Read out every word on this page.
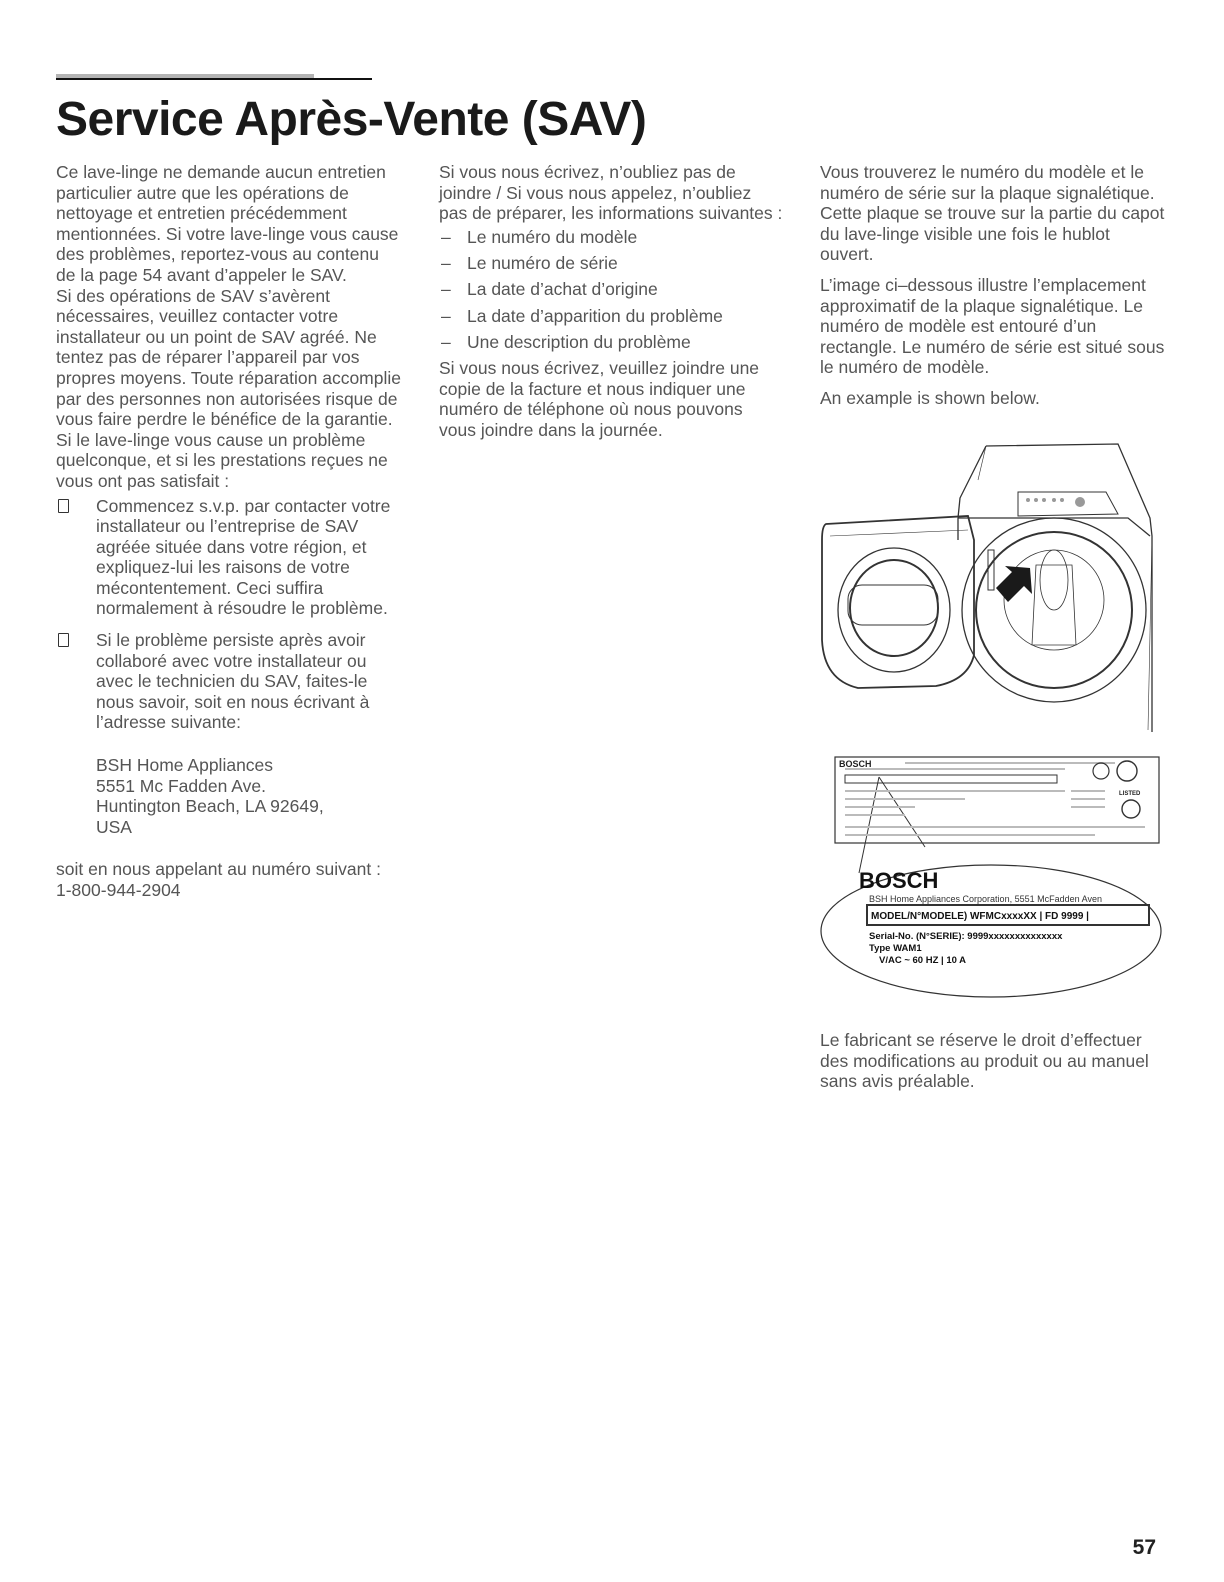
Service Après-Vente (SAV)

Ce lave-linge ne demande aucun entretien particulier autre que les opérations de nettoyage et entretien précédemment mentionnées. Si votre lave-linge vous cause des problèmes, reportez-vous au contenu de la page 54 avant d’appeler le SAV.

Si des opérations de SAV s’avèrent nécessaires, veuillez contacter votre installateur ou un point de SAV agréé. Ne tentez pas de réparer l’appareil par vos propres moyens. Toute réparation accomplie par des personnes non autorisées risque de vous faire perdre le bénéfice de la garantie.

Si le lave-linge vous cause un problème quelconque, et si les prestations reçues ne vous ont pas satisfait :

Commencez s.v.p. par contacter votre installateur ou l’entreprise de SAV agréée située dans votre région, et expliquez-lui les raisons de votre mécontentement. Ceci suffira normalement à résoudre le problème.
Si le problème persiste après avoir collaboré avec votre installateur ou avec le technicien du SAV, faites-le nous savoir, soit en nous écrivant à l’adresse suivante:

BSH Home Appliances
5551 Mc Fadden Ave.
Huntington Beach, LA 92649,
USA

soit en nous appelant au numéro suivant :

1-800-944-2904

Si vous nous écrivez, n’oubliez pas de joindre / Si vous nous appelez, n’oubliez pas de préparer, les informations suivantes :

– Le numéro du modèle
– Le numéro de série
– La date d’achat d’origine
– La date d’apparition du problème
– Une description du problème

Si vous nous écrivez, veuillez joindre une copie de la facture et nous indiquer une numéro de téléphone où nous pouvons vous joindre dans la journée.

Vous trouverez le numéro du modèle et le numéro de série sur la plaque signalétique. Cette plaque se trouve sur la partie du capot du lave-linge visible une fois le hublot ouvert.

L’image ci–dessous illustre l’emplacement approximatif de la plaque signalétique. Le numéro de modèle est entouré d’un rectangle. Le numéro de série est situé sous le numéro de modèle.

An example is shown below.

BOSCH
LISTED
BOSCH
BSH Home Appliances Corporation, 5551 McFadden Aven
MODEL/N°MODELE) WFMCxxxxXX | FD 9999 |
Serial-No. (N°SERIE): 9999xxxxxxxxxxxxxx
Type WAM1
V/AC ~ 60 HZ | 10 A

Le fabricant se réserve le droit d’effectuer des modifications au produit ou au manuel sans avis préalable.

57
